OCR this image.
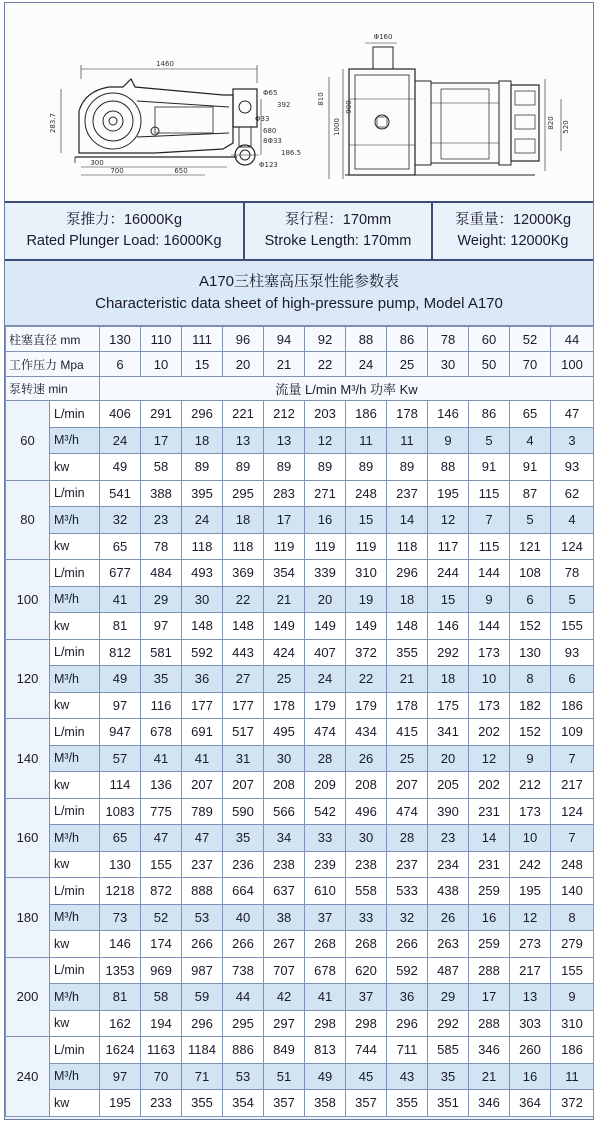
1460
283.7
300
700	650
Φ65
392
Φ33
680
8Φ33
186.5
Φ123
Φ160
810
1000
900
820 520
泵推力：16000Kg
Rated Plunger Load: 16000Kg
泵行程：170mm
Stroke Length: 170mm
泵重量：12000Kg
Weight: 12000Kg
A170三柱塞高压泵性能参数表
Characteristic data sheet of high-pressure pump, Model A170
柱塞直径 mm		130	110	111	96	94	92	88	86	78	60	52	44
工作压力 Mpa		6	10	15	20	21	22	24	25	30	50	70	100
泵转速 min		流量 L/min M³/h 功率 Kw											
60	L/min	406	291	296	221	212	203	186	178	146	86	65	47
	M³/h	24	17	18	13	13	12	11	11	9	5	4	3
	kw	49	58	89	89	89	89	89	89	88	91	91	93
80	L/min	541	388	395	295	283	271	248	237	195	115	87	62
	M³/h	32	23	24	18	17	16	15	14	12	7	5	4
	kw	65	78	118	118	119	119	119	118	117	115	121	124
100	L/min	677	484	493	369	354	339	310	296	244	144	108	78
	M³/h	41	29	30	22	21	20	19	18	15	9	6	5
	kw	81	97	148	148	149	149	149	148	146	144	152	155
120	L/min	812	581	592	443	424	407	372	355	292	173	130	93
	M³/h	49	35	36	27	25	24	22	21	18	10	8	6
	kw	97	116	177	177	178	179	179	178	175	173	182	186
140	L/min	947	678	691	517	495	474	434	415	341	202	152	109
	M³/h	57	41	41	31	30	28	26	25	20	12	9	7
	kw	114	136	207	207	208	209	208	207	205	202	212	217
160	L/min	1083	775	789	590	566	542	496	474	390	231	173	124
	M³/h	65	47	47	35	34	33	30	28	23	14	10	7
	kw	130	155	237	236	238	239	238	237	234	231	242	248
180	L/min	1218	872	888	664	637	610	558	533	438	259	195	140
	M³/h	73	52	53	40	38	37	33	32	26	16	12	8
	kw	146	174	266	266	267	268	268	266	263	259	273	279
200	L/min	1353	969	987	738	707	678	620	592	487	288	217	155
	M³/h	81	58	59	44	42	41	37	36	29	17	13	9
	kw	162	194	296	295	297	298	298	296	292	288	303	310
240	L/min	1624	1163	1184	886	849	813	744	711	585	346	260	186
	M³/h	97	70	71	53	51	49	45	43	35	21	16	11
	kw	195	233	355	354	357	358	357	355	351	346	364	372
